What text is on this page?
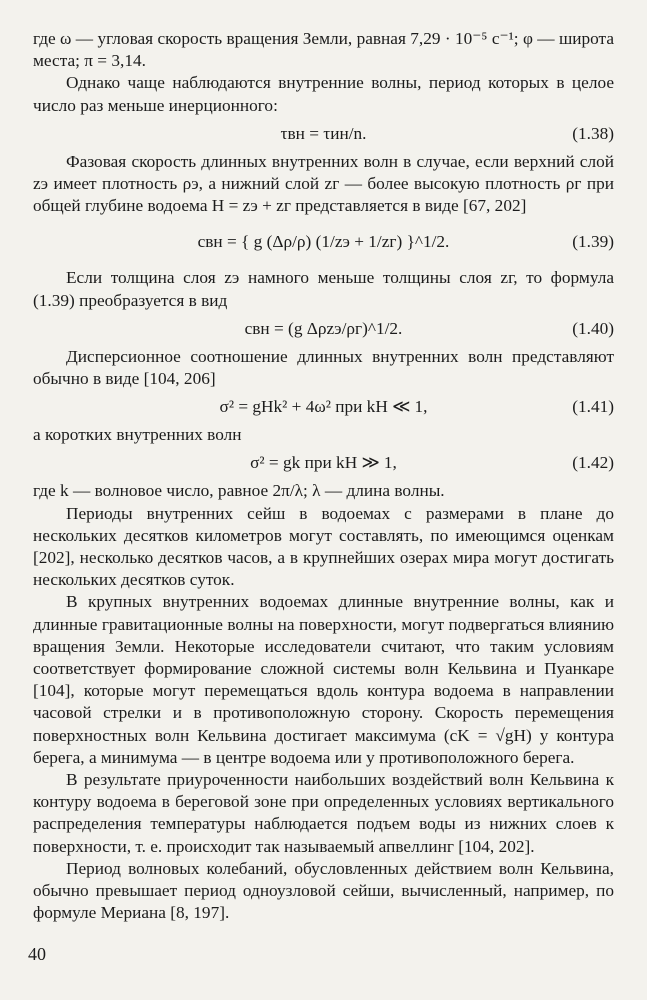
где ω — угловая скорость вращения Земли, равная 7,29 · 10⁻⁵ с⁻¹; φ — широта места; π = 3,14.

Однако чаще наблюдаются внутренние волны, период которых в целое число раз меньше инерционного:

τвн = τин/n.	(1.38)

Фазовая скорость длинных внутренних волн в случае, если верхний слой zэ имеет плотность ρэ, а нижний слой zг — более высокую плотность ρг при общей глубине водоема H = zэ + zг представляется в виде [67, 202]

cвн = { g (Δρ/ρ) (1/zэ + 1/zг) }^1/2.	(1.39)

Если толщина слоя zэ намного меньше толщины слоя zг, то формула (1.39) преобразуется в вид

cвн = (g Δρzэ/ρг)^1/2.	(1.40)

Дисперсионное соотношение длинных внутренних волн представляют обычно в виде [104, 206]

σ² = gHk² + 4ω² при kH ≪ 1,	(1.41)

а коротких внутренних волн

σ² = gk при kH ≫ 1,	(1.42)

где k — волновое число, равное 2π/λ; λ — длина волны.

Периоды внутренних сейш в водоемах с размерами в плане до нескольких десятков километров могут составлять, по имеющимся оценкам [202], несколько десятков часов, а в крупнейших озерах мира могут достигать нескольких десятков суток.

В крупных внутренних водоемах длинные внутренние волны, как и длинные гравитационные волны на поверхности, могут подвергаться влиянию вращения Земли. Некоторые исследователи считают, что таким условиям соответствует формирование сложной системы волн Кельвина и Пуанкаре [104], которые могут перемещаться вдоль контура водоема в направлении часовой стрелки и в противоположную сторону. Скорость перемещения поверхностных волн Кельвина достигает максимума (cK = √gH) у контура берега, а минимума — в центре водоема или у противоположного берега.

В результате приуроченности наибольших воздействий волн Кельвина к контуру водоема в береговой зоне при определенных условиях вертикального распределения температуры наблюдается подъем воды из нижних слоев к поверхности, т. е. происходит так называемый апвеллинг [104, 202].

Период волновых колебаний, обусловленных действием волн Кельвина, обычно превышает период одноузловой сейши, вычисленный, например, по формуле Мериана [8, 197].

40
